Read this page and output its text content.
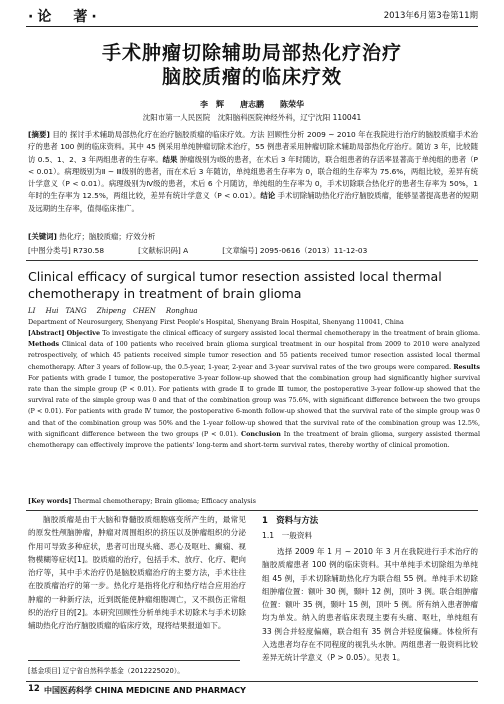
·论　著·	2013年6月第3卷第11期
手术肿瘤切除辅助局部热化疗治疗
脑胶质瘤的临床疗效
李　辉　　唐志鹏　　陈荣华
沈阳市第一人民医院　沈阳脑科医院神经外科，辽宁沈阳 110041
[摘要] 目的 探讨手术辅助局部热化疗在治疗脑胶质瘤的临床疗效。方法 回顾性分析 2009 ~ 2010 年在我院进行治疗的脑胶质瘤手术治疗的患者 100 例的临床资料。其中 45 例采用单纯肿瘤切除术治疗，55 例患者采用肿瘤切除术辅助局部热化疗治疗。随访 3 年，比较随访 0.5、1、2、3 年两组患者的生存率。结果 肿瘤级别为Ⅰ级的患者，在术后 3 年时随访，联合组患者的存活率显著高于单纯组的患者（P < 0.01）。病理级别为Ⅱ ~ Ⅲ级别的患者，而在术后 3 年随访，单纯组患者生存率为 0，联合组的生存率为 75.6%，两组比较，差异有统计学意义（P < 0.01）。病理级别为Ⅳ级的患者，术后 6 个月随访，单纯组的生存率为 0，手术切除联合热化疗的患者生存率为 50%，1 年时的生存率为 12.5%，两组比较，差异有统计学意义（P < 0.01）。结论 手术切除辅助热化疗治疗脑胶质瘤，能够显著提高患者的短期及远期的生存率，值得临床推广。
[关键词] 热化疗；脑胶质瘤；疗效分析
[中图分类号] R730.58	[文献标识码] A	[文章编号] 2095-0616（2013）11-12-03
Clinical efficacy of surgical tumor resection assisted local thermal chemotherapy in treatment of brain glioma
LI Hui　TANG Zhipeng　CHEN Ronghua
Department of Neurosurgery, Shenyang First People's Hospital, Shenyang Brain Hospital, Shenyang 110041, China
[Abstract] Objective To investigate the clinical efficacy of surgery assisted local thermal chemotherapy in the treatment of brain glioma. Methods Clinical data of 100 patients who received brain glioma surgical treatment in our hospital from 2009 to 2010 were analyzed retrospectively, of which 45 patients received simple tumor resection and 55 patients received tumor resection assisted local thermal chemotherapy. After 3 years of follow-up, the 0.5-year, 1-year, 2-year and 3-year survival rates of the two groups were compared. Results For patients with grade Ⅰ tumor, the postoperative 3-year follow-up showed that the combination group had significantly higher survival rate than the simple group (P < 0.01). For patients with grade Ⅱ to grade Ⅲ tumor, the postoperative 3-year follow-up showed that the survival rate of the simple group was 0 and that of the combination group was 75.6%, with significant difference between the two groups (P < 0.01). For patients with grade Ⅳ tumor, the postoperative 6-month follow-up showed that the survival rate of the simple group was 0 and that of the combination group was 50% and the 1-year follow-up showed that the survival rate of the combination group was 12.5%, with significant difference between the two groups (P < 0.01). Conclusion In the treatment of brain glioma, surgery assisted thermal chemotherapy can effectively improve the patients' long-term and short-term survival rates, thereby worthy of clinical promotion.
[Key words] Thermal chemotherapy; Brain glioma; Efficacy analysis
脑胶质瘤是由于大脑和脊髓胶质细胞癌变所产生的，最常见的原发性颅脑肿瘤，肿瘤对周围组织的挤压以及肿瘤组织的分泌作用可导致多种症状，患者可出现头痛、恶心及呕吐、癫痫、视物模糊等症状[1]。胶质瘤的治疗，包括手术、放疗、化疗、靶向治疗等，其中手术治疗仍是脑胶质瘤治疗的主要方法，手术往往在胶质瘤治疗的第一步。热化疗是指将化疗和热疗结合应用治疗肿瘤的一种新疗法，近到既能使肿瘤细胞凋亡，又不损伤正常组织的治疗目的[2]。本研究回顾性分析单纯手术切除术与手术切除辅助热化疗治疗脑胶质瘤的临床疗效，现将结果报道如下。
1　资料与方法
1.1　一般资料
选择 2009 年 1 月 ~ 2010 年 3 月在我院进行手术治疗的脑胶质瘤患者 100 例的临床资料。其中单纯手术切除组为单纯组 45 例，手术切除辅助热化疗为联合组 55 例。单纯手术切除组肿瘤位置：额叶 30 例，颞叶 12 例，顶叶 3 例。联合组肿瘤位置：额叶 35 例，颞叶 15 例，顶叶 5 例。所有纳入患者肿瘤均为单发。纳入的患者临床表现主要有头痛、呕吐，单纯组有 33 例合并轻度偏瘫，联合组有 35 例合并轻度偏瘫。体检所有入选患者均存在不同程度的视乳头水肿。两组患者一般资料比较差异无统计学意义（P > 0.05）。见表 1。
[基金项目] 辽宁省自然科学基金（2012225020）。
12 中国医药科学 CHINA MEDICINE AND PHARMACY
